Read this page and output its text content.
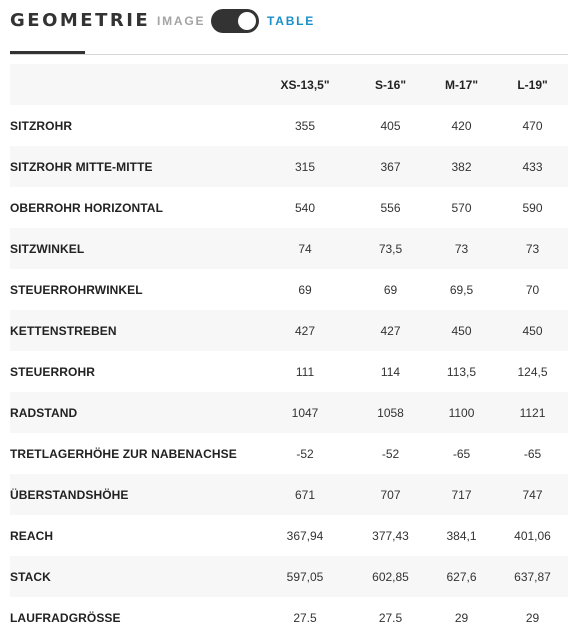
GEOMETRIE IMAGE	TABLE
	XS-13,5"	S-16"	M-17"	L-19"
SITZROHR	355	405	420	470
SITZROHR MITTE-MITTE	315	367	382	433
OBERROHR HORIZONTAL	540	556	570	590
SITZWINKEL	74	73,5	73	73
STEUERROHRWINKEL	69	69	69,5	70
KETTENSTREBEN	427	427	450	450
STEUERROHR	111	114	113,5	124,5
RADSTAND	1047	1058	1100	1121
TRETLAGERHÖHE ZUR NABENACHSE	-52	-52	-65	-65
ÜBERSTANDSHÖHE	671	707	717	747
REACH	367,94	377,43	384,1	401,06
STACK	597,05	602,85	627,6	637,87
LAUFRADGRÖSSE	27.5	27.5	29	29
